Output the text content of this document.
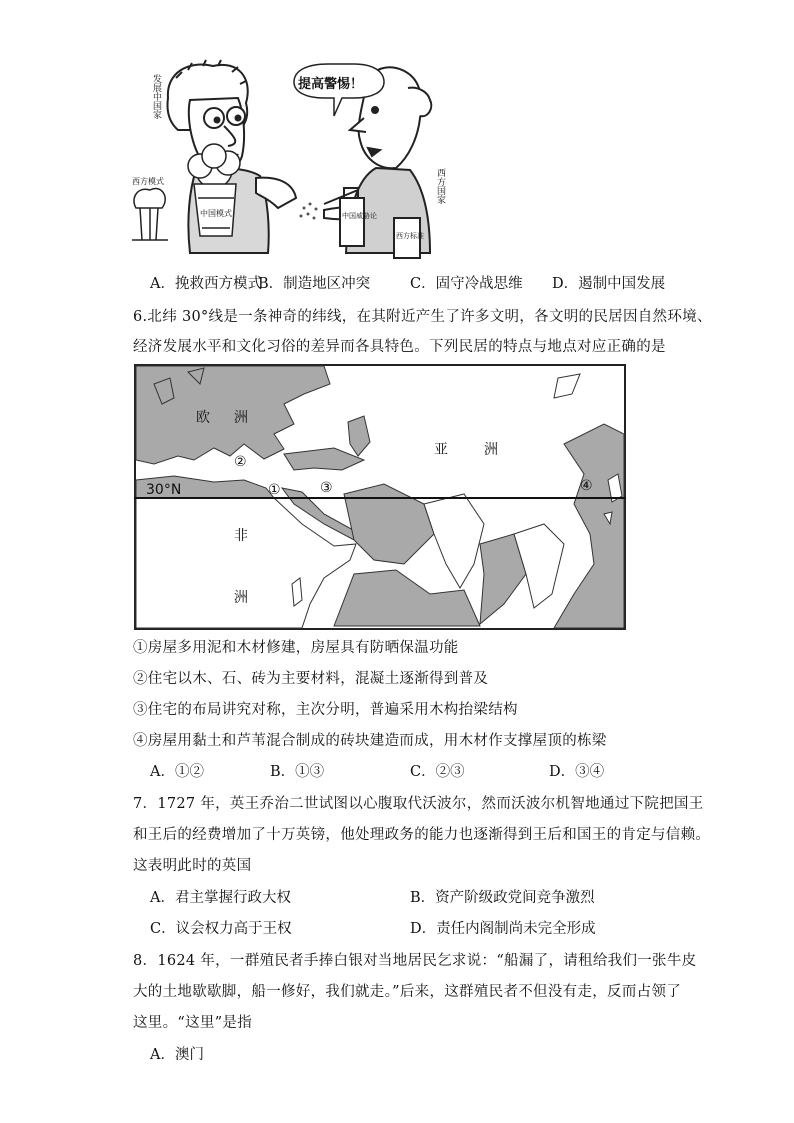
提高警惕！
发展中国家
中国模式
西方模式	西方国家
中国威胁论
西方标准
A．挽救西方模式
B．制造地区冲突	C．固守冷战思维 D．遏制中国发展
6.北纬 30°线是一条神奇的纬线，在其附近产生了许多文明，各文明的民居因自然环境、
经济发展水平和文化习俗的差异而各具特色。下列民居的特点与地点对应正确的是
欧 洲
亚	洲
非
洲
30°N	①
②
③	④
①房屋多用泥和木材修建，房屋具有防晒保温功能
②住宅以木、石、砖为主要材料，混凝土逐渐得到普及
③住宅的布局讲究对称，主次分明，普遍采用木构抬梁结构
④房屋用黏土和芦苇混合制成的砖块建造而成，用木材作支撑屋顶的栋梁
A．①②	B．①③	C．②③	D．③④
7．1727 年，英王乔治二世试图以心腹取代沃波尔，然而沃波尔机智地通过下院把国王
和王后的经费增加了十万英镑，他处理政务的能力也逐渐得到王后和国王的肯定与信赖。
这表明此时的英国
A．君主掌握行政大权	B．资产阶级政党间竞争激烈
C．议会权力高于王权	D．责任内阁制尚未完全形成
8．1624 年，一群殖民者手捧白银对当地居民乞求说：“船漏了，请租给我们一张牛皮
大的土地歇歇脚，船一修好，我们就走。”后来，这群殖民者不但没有走，反而占领了
这里。“这里”是指
A．澳门
